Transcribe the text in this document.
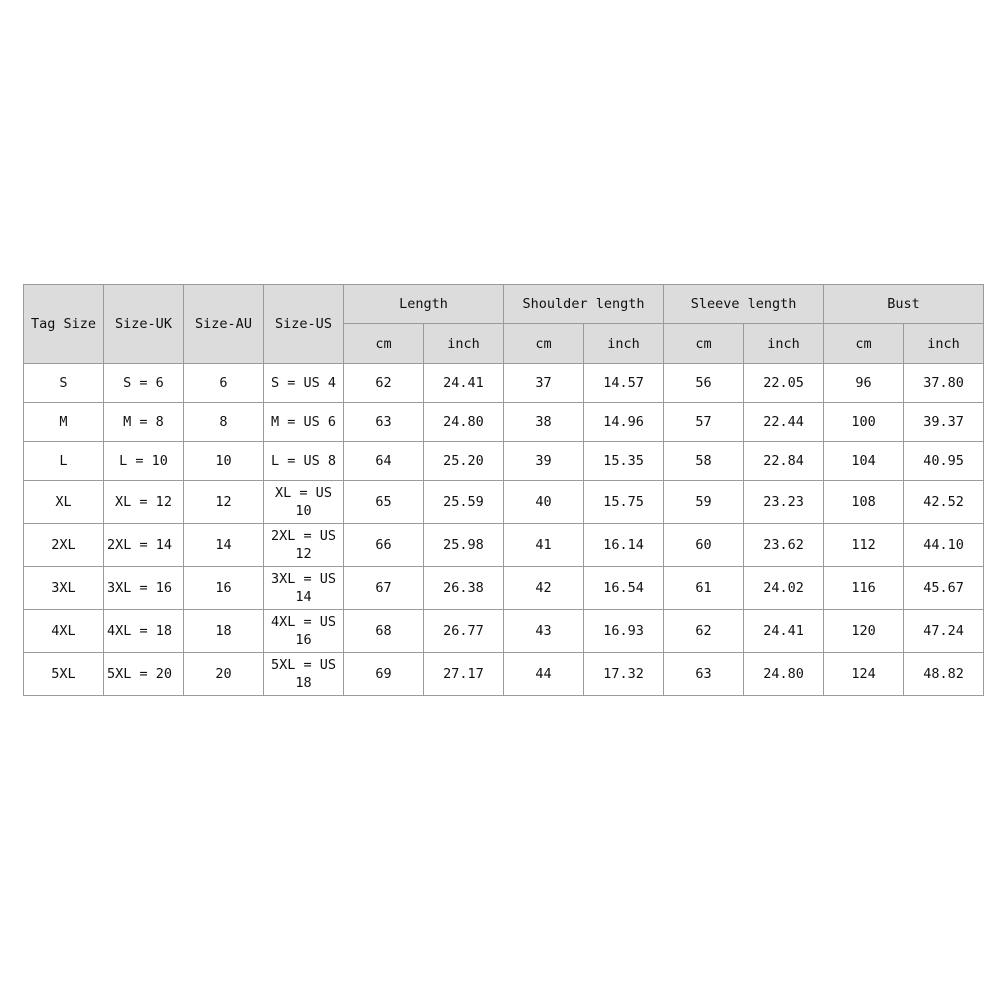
Tag Size	Size-UK	Size-AU	Size-US	Length		Shoulder length		Sleeve length		Bust	
				cm	inch	cm	inch	cm	inch	cm	inch
S	S = 6	6	S = US 4	62	24.41	37	14.57	56	22.05	96	37.80
M	M = 8	8	M = US 6	63	24.80	38	14.96	57	22.44	100	39.37
L	L = 10	10	L = US 8	64	25.20	39	15.35	58	22.84	104	40.95
XL	XL = 12	12	XL = US 10	65	25.59	40	15.75	59	23.23	108	42.52
2XL	2XL = 14	14	2XL = US 12	66	25.98	41	16.14	60	23.62	112	44.10
3XL	3XL = 16	16	3XL = US 14	67	26.38	42	16.54	61	24.02	116	45.67
4XL	4XL = 18	18	4XL = US 16	68	26.77	43	16.93	62	24.41	120	47.24
5XL	5XL = 20	20	5XL = US 18	69	27.17	44	17.32	63	24.80	124	48.82
